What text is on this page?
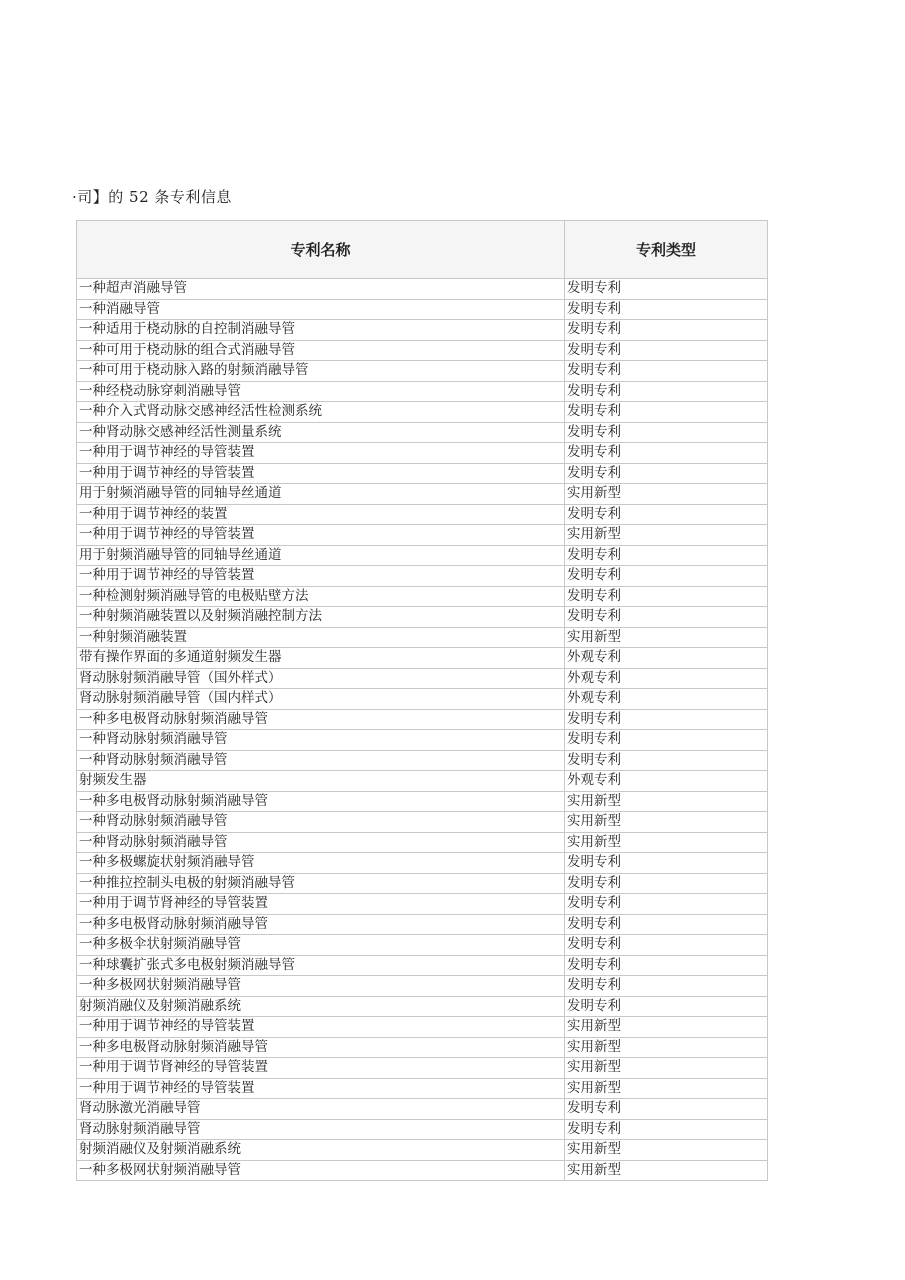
·司】的 52 条专利信息
专利名称	专利类型
一种超声消融导管	发明专利
一种消融导管	发明专利
一种适用于桡动脉的自控制消融导管	发明专利
一种可用于桡动脉的组合式消融导管	发明专利
一种可用于桡动脉入路的射频消融导管	发明专利
一种经桡动脉穿刺消融导管	发明专利
一种介入式肾动脉交感神经活性检测系统	发明专利
一种肾动脉交感神经活性测量系统	发明专利
一种用于调节神经的导管装置	发明专利
一种用于调节神经的导管装置	发明专利
用于射频消融导管的同轴导丝通道	实用新型
一种用于调节神经的装置	发明专利
一种用于调节神经的导管装置	实用新型
用于射频消融导管的同轴导丝通道	发明专利
一种用于调节神经的导管装置	发明专利
一种检测射频消融导管的电极贴壁方法	发明专利
一种射频消融装置以及射频消融控制方法	发明专利
一种射频消融装置	实用新型
带有操作界面的多通道射频发生器	外观专利
肾动脉射频消融导管（国外样式）	外观专利
肾动脉射频消融导管（国内样式）	外观专利
一种多电极肾动脉射频消融导管	发明专利
一种肾动脉射频消融导管	发明专利
一种肾动脉射频消融导管	发明专利
射频发生器	外观专利
一种多电极肾动脉射频消融导管	实用新型
一种肾动脉射频消融导管	实用新型
一种肾动脉射频消融导管	实用新型
一种多极螺旋状射频消融导管	发明专利
一种推拉控制头电极的射频消融导管	发明专利
一种用于调节肾神经的导管装置	发明专利
一种多电极肾动脉射频消融导管	发明专利
一种多极伞状射频消融导管	发明专利
一种球囊扩张式多电极射频消融导管	发明专利
一种多极网状射频消融导管	发明专利
射频消融仪及射频消融系统	发明专利
一种用于调节神经的导管装置	实用新型
一种多电极肾动脉射频消融导管	实用新型
一种用于调节肾神经的导管装置	实用新型
一种用于调节神经的导管装置	实用新型
肾动脉激光消融导管	发明专利
肾动脉射频消融导管	发明专利
射频消融仪及射频消融系统	实用新型
一种多极网状射频消融导管	实用新型
